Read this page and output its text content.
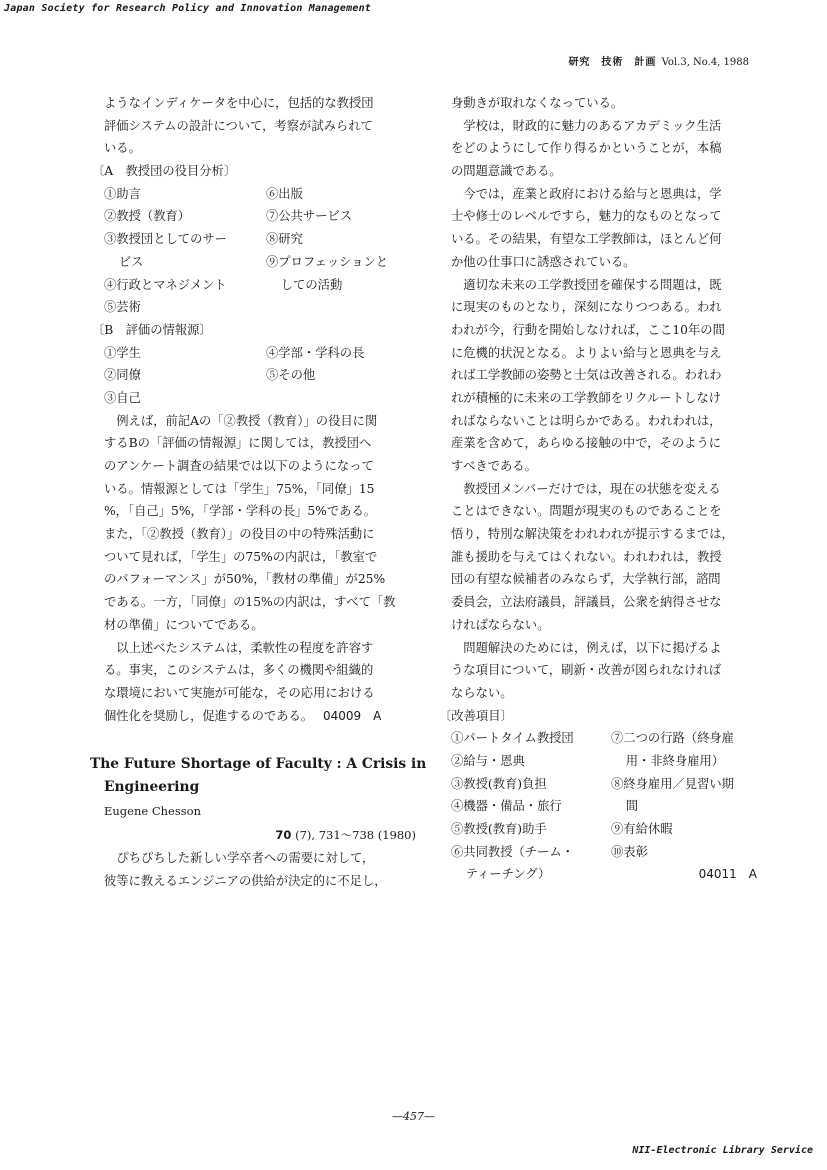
Japan Society for Research Policy and Innovation Management
研究　技術　計画 Vol.3, No.4, 1988
ようなインディケータを中心に，包括的な教授団
評価システムの設計について，考察が試みられて
いる。
〔A　教授団の役目分析〕
①助言	⑥出版
②教授（教育）	⑦公共サービス
③教授団としてのサー	⑧研究
ビス	⑨プロフェッションと
④行政とマネジメント	しての活動
⑤芸術
〔B　評価の情報源〕
①学生	④学部・学科の長
②同僚	⑤その他
③自己
例えば，前記Aの「②教授（教育）」の役目に関
するBの「評価の情報源」に関しては，教授団へ
のアンケート調査の結果では以下のようになって
いる。情報源としては「学生」75%，「同僚」15
%，「自己」5%，「学部・学科の長」5%である。
また，「②教授（教育）」の役目の中の特殊活動に
ついて見れば，「学生」の75%の内訳は，「教室で
のパフォーマンス」が50%，「教材の準備」が25%
である。一方，「同僚」の15%の内訳は，すべて「教
材の準備」についてである。
以上述べたシステムは，柔軟性の程度を許容す
る。事実，このシステムは，多くの機関や組織的
な環境において実施が可能な，その応用における
個性化を奨励し，促進するのである。 04009　A
The Future Shortage of Faculty : A Crisis in
Engineering
Eugene Chesson
70 (7), 731～738 (1980)
ぴちぴちした新しい学卒者への需要に対して，
彼等に教えるエンジニアの供給が決定的に不足し，
身動きが取れなくなっている。
学校は，財政的に魅力のあるアカデミック生活
をどのようにして作り得るかということが，本稿
の問題意識である。
今では，産業と政府における給与と恩典は，学
士や修士のレベルですら，魅力的なものとなって
いる。その結果，有望な工学教師は，ほとんど何
か他の仕事口に誘惑されている。
適切な未来の工学教授団を確保する問題は，既
に現実のものとなり，深刻になりつつある。われ
われが今，行動を開始しなければ，ここ10年の間
に危機的状況となる。よりよい給与と恩典を与え
れば工学教師の姿勢と士気は改善される。われわ
れが積極的に未来の工学教師をリクルートしなけ
ればならないことは明らかである。われわれは，
産業を含めて，あらゆる接触の中で，そのように
すべきである。
教授団メンバーだけでは，現在の状態を変える
ことはできない。問題が現実のものであることを
悟り，特別な解決策をわれわれが提示するまでは，
誰も援助を与えてはくれない。われわれは，教授
団の有望な候補者のみならず，大学執行部，諮問
委員会，立法府議員，評議員，公衆を納得させな
ければならない。
問題解決のためには，例えば，以下に掲げるよ
うな項目について，刷新・改善が図られなければ
ならない。
〔改善項目〕
①パートタイム教授団	⑦二つの行路（終身雇
②給与・恩典	用・非終身雇用）
③教授(教育)負担	⑧終身雇用／見習い期
④機器・備品・旅行	間
⑤教授(教育)助手	⑨有給休暇
⑥共同教授（チーム・	⑩表彰
ティーチング）	04011　A
—457—
NII-Electronic Library Service
